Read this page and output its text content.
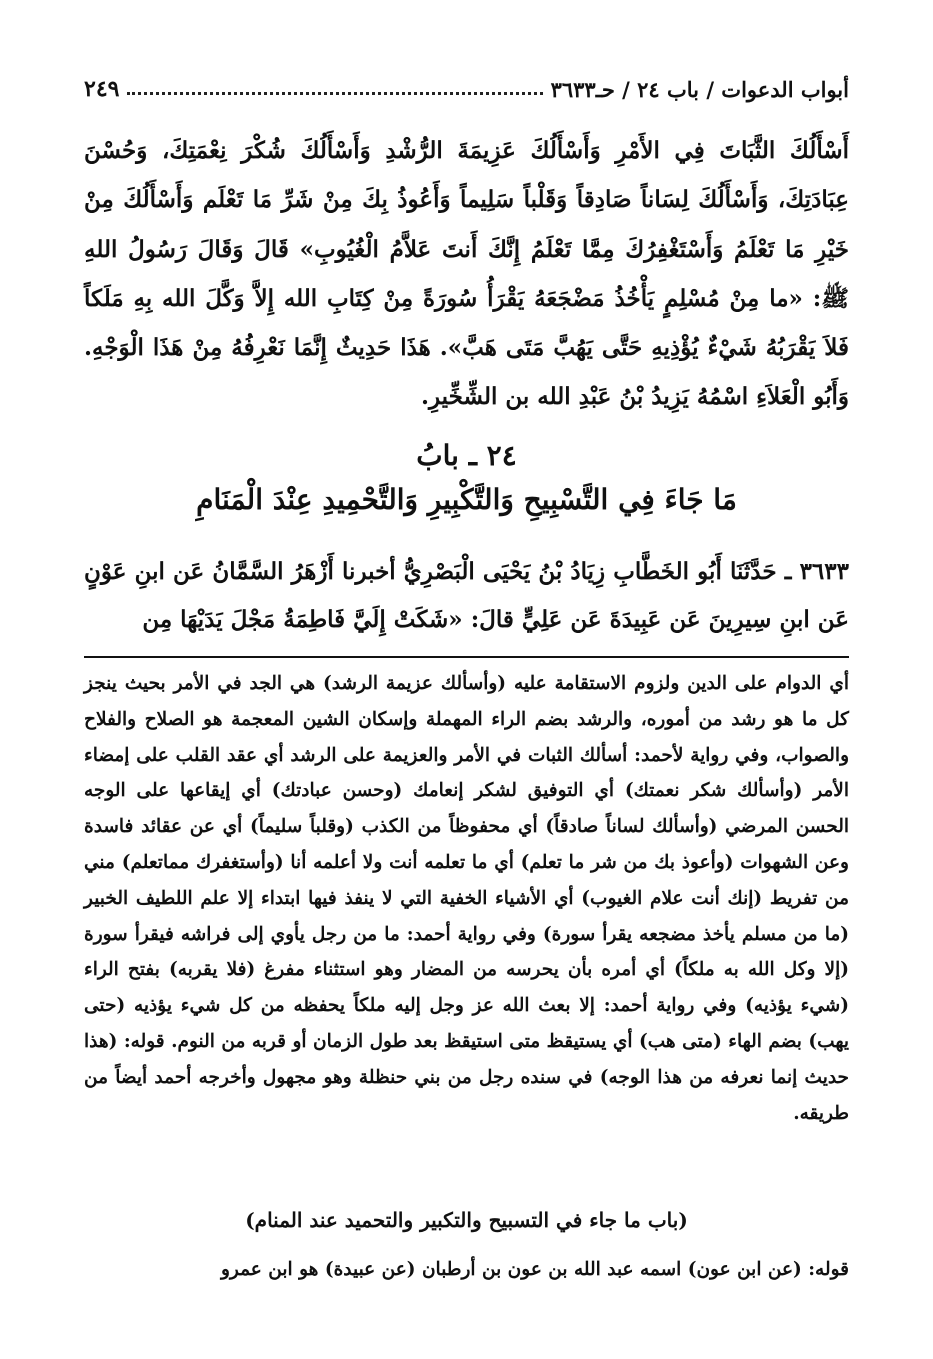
أبواب الدعوات / باب ٢٤ / حـ٣٦٣٣
٢٤٩

أَسْأَلُكَ الثَّبَاتَ فِي الأَمْرِ وَأَسْأَلُكَ عَزِيمَةَ الرُّشْدِ وَأَسْأَلُكَ شُكْرَ نِعْمَتِكَ، وَحُسْنَ عِبَادَتِكَ، وَأَسْأَلُكَ لِسَاناً صَادِقاً وَقَلْباً سَلِيماً وَأَعُوذُ بِكَ مِنْ شَرِّ مَا تَعْلَم وَأَسْأَلُكَ مِنْ خَيْرِ مَا تَعْلَمُ وَأَسْتَغْفِرُكَ مِمَّا تَعْلَمُ إِنَّكَ أَنتَ عَلاَّمُ الْغُيُوبِ» قَالَ وَقَالَ رَسُولُ اللهِ ﷺ: «ما مِنْ مُسْلِمٍ يَأْخُذُ مَضْجَعَهُ يَقْرَأُ سُورَةً مِنْ كِتَابِ الله إِلاَّ وَكَّلَ الله بِهِ مَلَكاً فَلاَ يَقْرَبُهُ شَيْءٌ يُؤْذِيهِ حَتَّى يَهُبَّ مَتَى هَبَّ». هَذَا حَدِيثٌ إِنَّمَا نَعْرِفُهُ مِنْ هَذَا الْوَجْهِ. وَأَبُو الْعَلاَءِ اسْمُهُ يَزِيدُ بْنُ عَبْدِ الله بن الشِّخِّيرِ.

٢٤ ـ بابُ
مَا جَاءَ فِي التَّسْبِيحِ وَالتَّكْبِيرِ وَالتَّحْمِيدِ عِنْدَ الْمَنَامِ

٣٦٣٣ ـ حَدَّثَنَا أَبُو الخَطَّابِ زِيَادُ بْنُ يَحْيَى الْبَصْرِيُّ أخبرنا أَزْهَرُ السَّمَّانُ عَن ابنِ عَوْنٍ عَن ابنِ سِيرِينَ عَن عَبِيدَةَ عَن عَلِيٍّ قالَ: «شَكَتْ إِلَيَّ فَاطِمَةُ مَجْلَ يَدَيْهَا مِن

أي الدوام على الدين ولزوم الاستقامة عليه (وأسألك عزيمة الرشد) هي الجد في الأمر بحيث ينجز كل ما هو رشد من أموره، والرشد بضم الراء المهملة وإسكان الشين المعجمة هو الصلاح والفلاح والصواب، وفي رواية لأحمد: أسألك الثبات في الأمر والعزيمة على الرشد أي عقد القلب على إمضاء الأمر (وأسألك شكر نعمتك) أي التوفيق لشكر إنعامك (وحسن عبادتك) أي إيقاعها على الوجه الحسن المرضي (وأسألك لساناً صادقاً) أي محفوظاً من الكذب (وقلباً سليماً) أي عن عقائد فاسدة وعن الشهوات (وأعوذ بك من شر ما تعلم) أي ما تعلمه أنت ولا أعلمه أنا (وأستغفرك مماتعلم) مني من تفريط (إنك أنت علام الغيوب) أي الأشياء الخفية التي لا ينفذ فيها ابتداء إلا علم اللطيف الخبير (ما من مسلم يأخذ مضجعه يقرأ سورة) وفي رواية أحمد: ما من رجل يأوي إلى فراشه فيقرأ سورة (إلا وكل الله به ملكاً) أي أمره بأن يحرسه من المضار وهو استثناء مفرغ (فلا يقربه) بفتح الراء (شيء يؤذيه) وفي رواية أحمد: إلا بعث الله عز وجل إليه ملكاً يحفظه من كل شيء يؤذيه (حتى يهب) بضم الهاء (متى هب) أي يستيقظ متى استيقظ بعد طول الزمان أو قربه من النوم. قوله: (هذا حديث إنما نعرفه من هذا الوجه) في سنده رجل من بني حنظلة وهو مجهول وأخرجه أحمد أيضاً من طريقه.

(باب ما جاء في التسبيح والتكبير والتحميد عند المنام)

قوله: (عن ابن عون) اسمه عبد الله بن عون بن أرطبان (عن عبيدة) هو ابن عمرو
